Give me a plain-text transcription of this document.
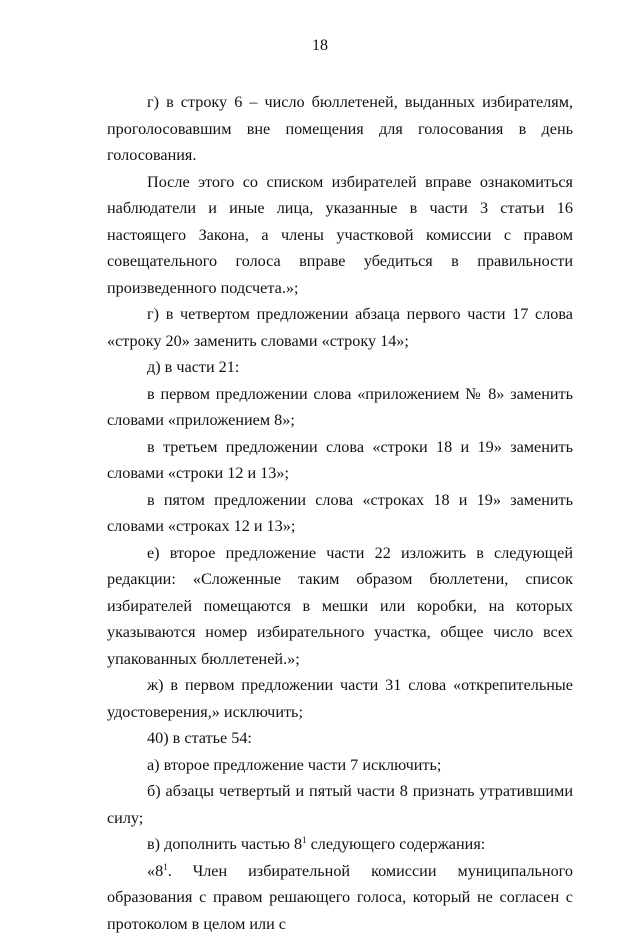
18

г) в строку 6 – число бюллетеней, выданных избирателям, проголосовавшим вне помещения для голосования в день голосования.

После этого со списком избирателей вправе ознакомиться наблюдатели и иные лица, указанные в части 3 статьи 16 настоящего Закона, а члены участковой комиссии с правом совещательного голоса вправе убедиться в правильности произведенного подсчета.»;

г) в четвертом предложении абзаца первого части 17 слова «строку 20» заменить словами «строку 14»;

д) в части 21:

в первом предложении слова «приложением № 8» заменить словами «приложением 8»;

в третьем предложении слова «строки 18 и 19» заменить словами «строки 12 и 13»;

в пятом предложении слова «строках 18 и 19» заменить словами «строках 12 и 13»;

е) второе предложение части 22 изложить в следующей редакции: «Сложенные таким образом бюллетени, список избирателей помещаются в мешки или коробки, на которых указываются номер избирательного участка, общее число всех упакованных бюллетеней.»;

ж) в первом предложении части 31 слова «открепительные удостоверения,» исключить;

40) в статье 54:

а) второе предложение части 7 исключить;

б) абзацы четвертый и пятый части 8 признать утратившими силу;

в) дополнить частью $8^1$ следующего содержания:

«$8^1$. Член избирательной комиссии муниципального образования с правом решающего голоса, который не согласен с протоколом в целом или с
